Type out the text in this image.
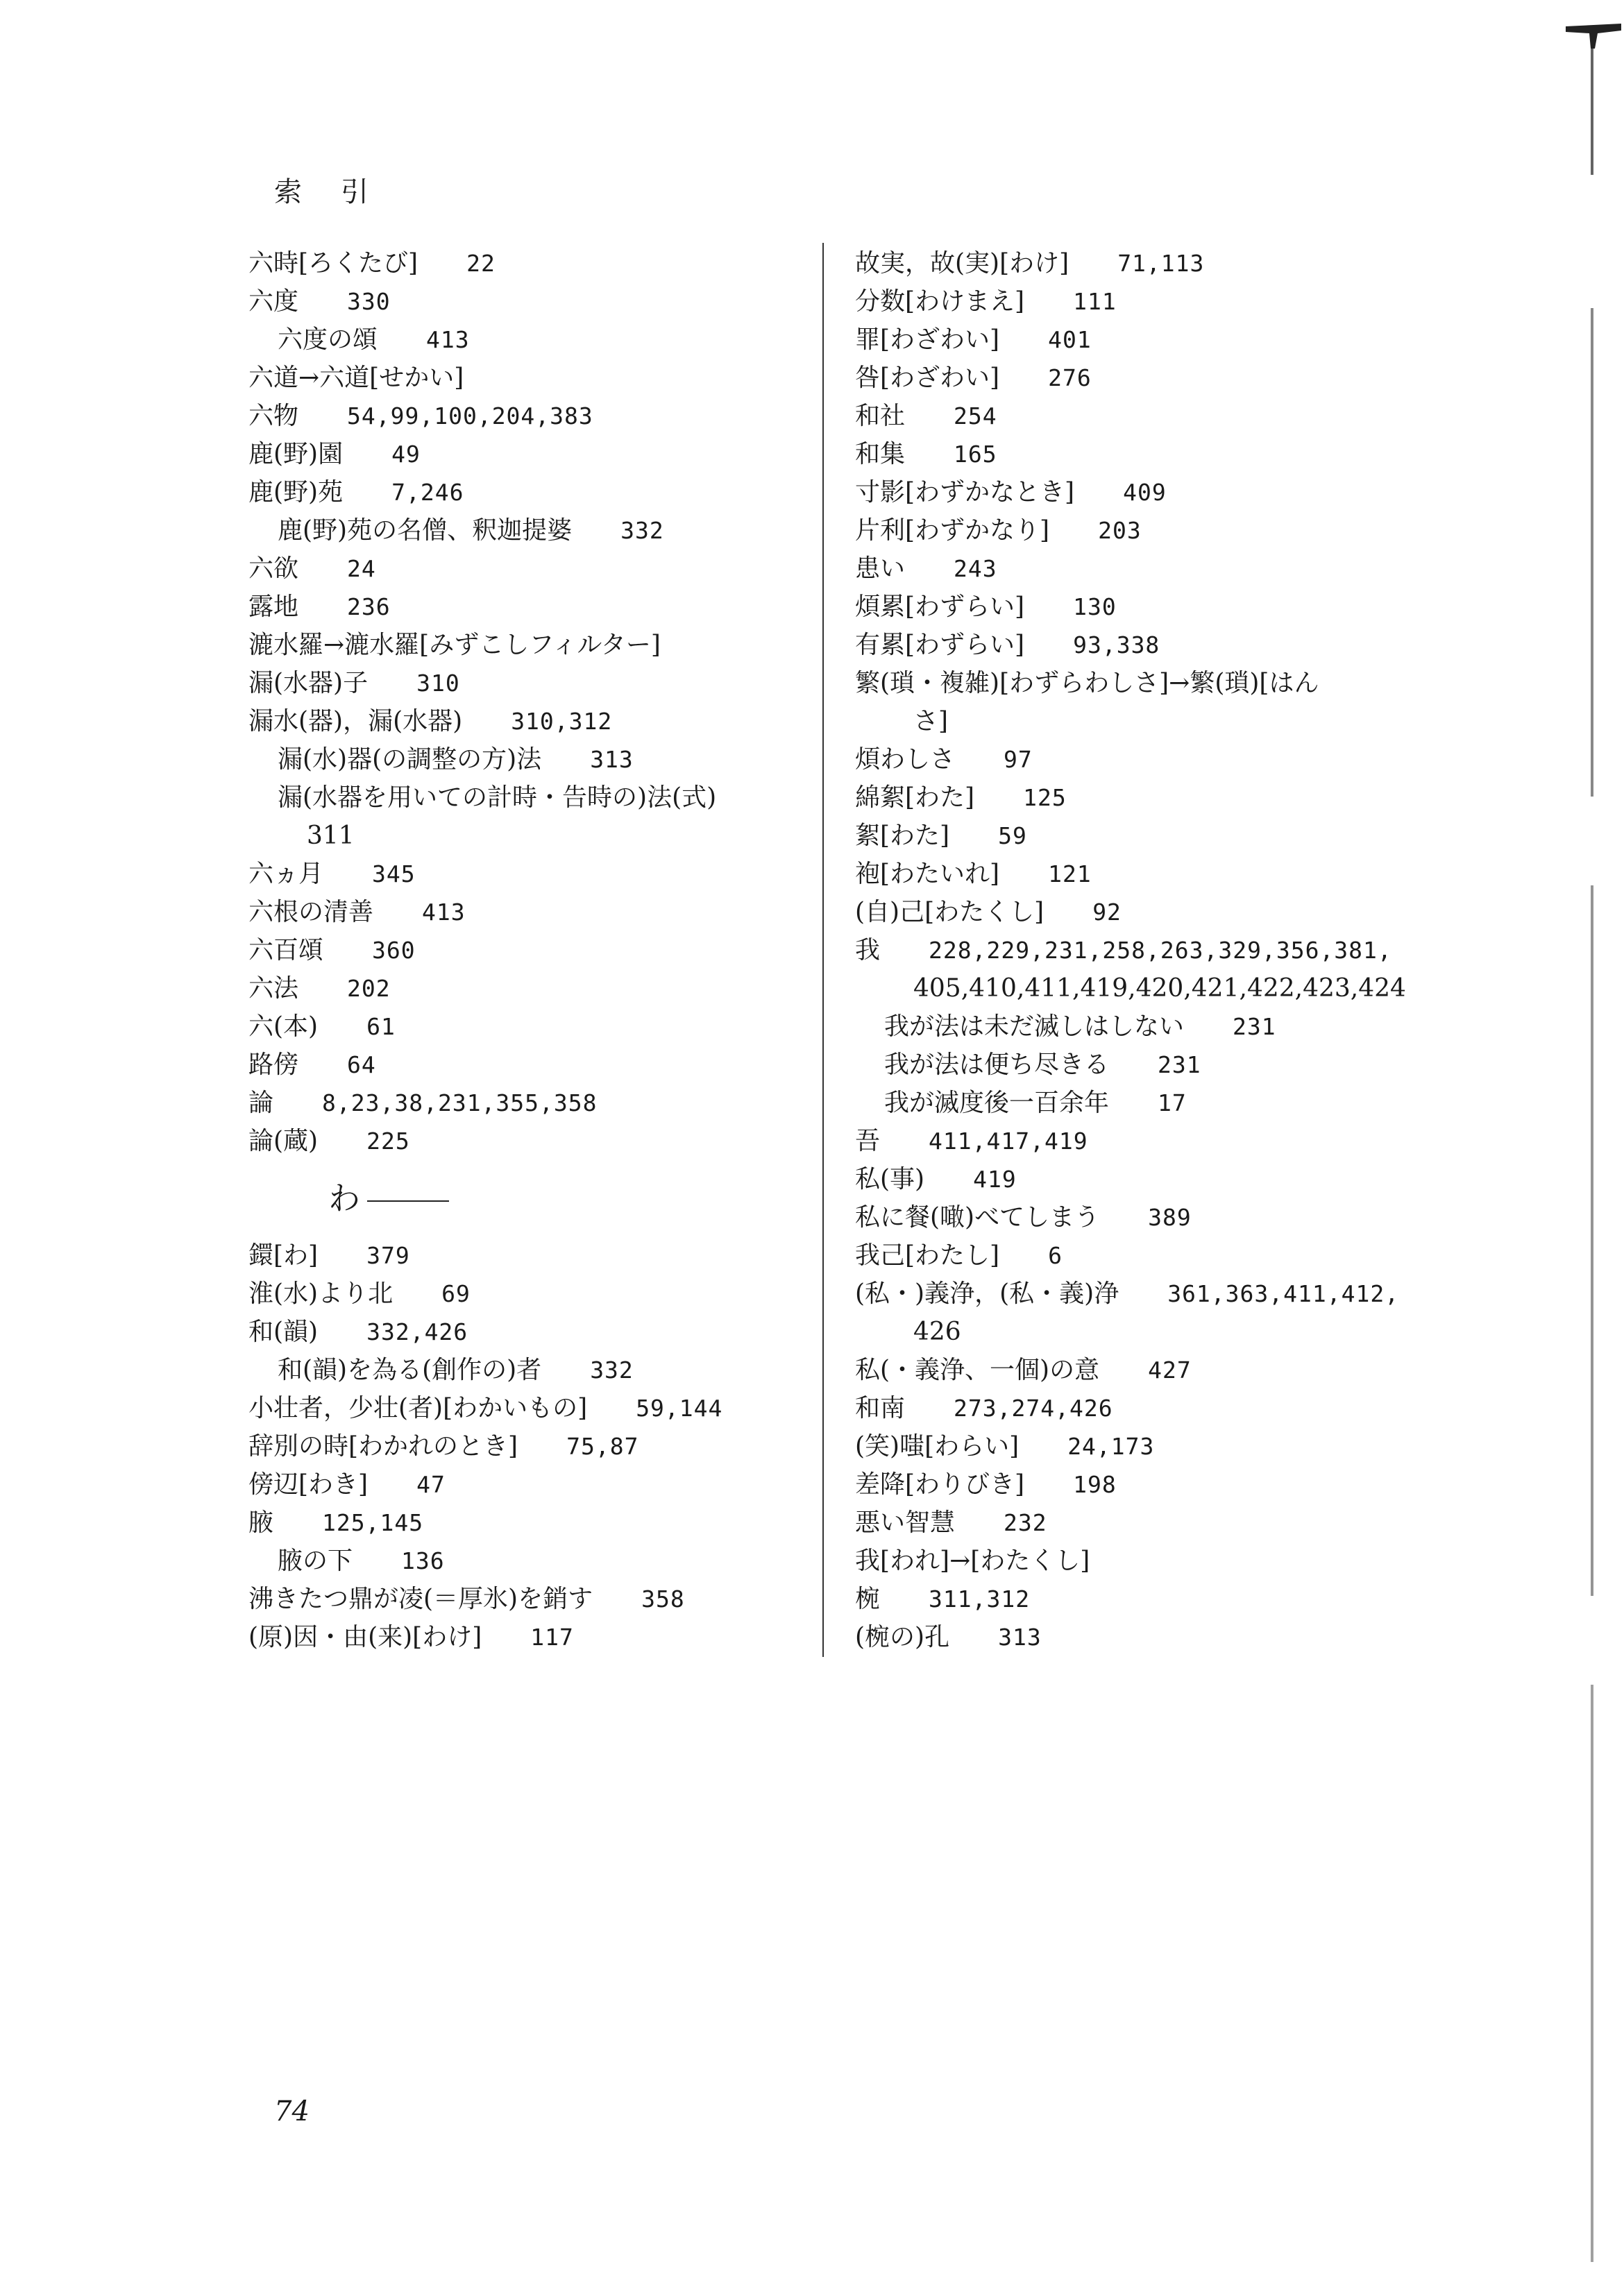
索引
六時[ろくたび] 22
六度 330
六度の頌 413
六道→六道[せかい]
六物 54,99,100,204,383
鹿(野)園 49
鹿(野)苑 7,246
鹿(野)苑の名僧、釈迦提婆 332
六欲 24
露地 236
漉水羅→漉水羅[みずこしフィルター]
漏(水器)子 310
漏水(器)，漏(水器) 310,312
漏(水)器(の調整の方)法 313
漏(水器を用いての計時・告時の)法(式)
311
六ヵ月 345
六根の清善 413
六百頌 360
六法 202
六(本) 61
路傍 64
論 8,23,38,231,355,358
論(蔵) 225
わ
鐶[わ] 379
淮(水)より北 69
和(韻) 332,426
和(韻)を為る(創作の)者 332
小壮者，少壮(者)[わかいもの] 59,144
辞別の時[わかれのとき] 75,87
傍辺[わき] 47
腋 125,145
腋の下 136
沸きたつ鼎が凌(＝厚氷)を銷す 358
(原)因・由(来)[わけ] 117
故実，故(実)[わけ] 71,113
分数[わけまえ] 111
罪[わざわい] 401
咎[わざわい] 276
和社 254
和集 165
寸影[わずかなとき] 409
片利[わずかなり] 203
患い 243
煩累[わずらい] 130
有累[わずらい] 93,338
繁(瑣・複雑)[わずらわしさ]→繁(瑣)[はん
さ]
煩わしさ 97
綿絮[わた] 125
絮[わた] 59
袍[わたいれ] 121
(自)己[わたくし] 92
我 228,229,231,258,263,329,356,381,
405,410,411,419,420,421,422,423,424
我が法は未だ滅しはしない 231
我が法は便ち尽きる 231
我が滅度後一百余年 17
吾 411,417,419
私(事) 419
私に餐(噉)べてしまう 389
我己[わたし] 6
(私・)義浄，(私・義)浄 361,363,411,412,
426
私(・義浄、一個)の意 427
和南 273,274,426
(笑)嗤[わらい] 24,173
差降[わりびき] 198
悪い智慧 232
我[われ]→[わたくし]
椀 311,312
(椀の)孔 313
74
